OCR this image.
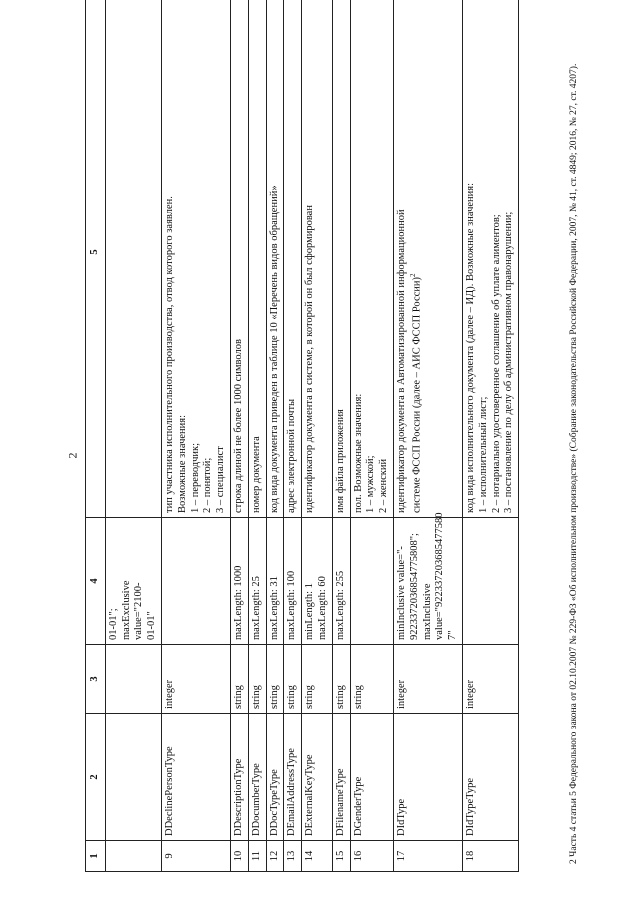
2
1	2	3	4	5

			01-01"; maxExclusive value="2100- 01-01"	

9	DDeclinePersonType	integer		тип участника исполнительного производства, отвод которого заявлен. Возможные значения: 1 – переводчик; 2 – понятой; 3 – специалист

10	DDescriptionType	string	maxLength: 1000	строка длиной не более 1000 символов

11	DDocumberType	string	maxLength: 25	номер документа

12	DDocTypeType	string	maxLength: 31	код вида документа приведен в таблице 10 «Перечень видов обращений»

13	DEmailAddressType	string	maxLength: 100	адрес электронной почты

14	DExternalKeyType	string	minLength: 1 maxLength: 60	идентификатор документа в системе, в которой он был сформирован

15	DFilenameType	string	maxLength: 255	имя файла приложения

16	DGenderType	string		пол. Возможные значения: 1 – мужской; 2 – женский

17	DIdType	integer	minInclusive value="- 9223372036854775808"; maxInclusive value="922337203685477580 7"	идентификатор документа в Автоматизированной информационной системе ФССП России (далее – АИС ФССП России)$^2$
18	DIdTypeType	integer		код вида исполнительного документа (далее – ИД). Возможные значения: 1 – исполнительный лист; 2 – нотариально удостоверенное соглашение об уплате алиментов; 3 – постановление по делу об административном правонарушении;	2 Часть 4 статьи 5 Федерального закона от 02.10.2007 № 229-ФЗ «Об исполнительном производстве» (Собрание законодательства Российской Федерации, 2007, № 41, ст. 4849; 2016, № 27, ст. 4207).
